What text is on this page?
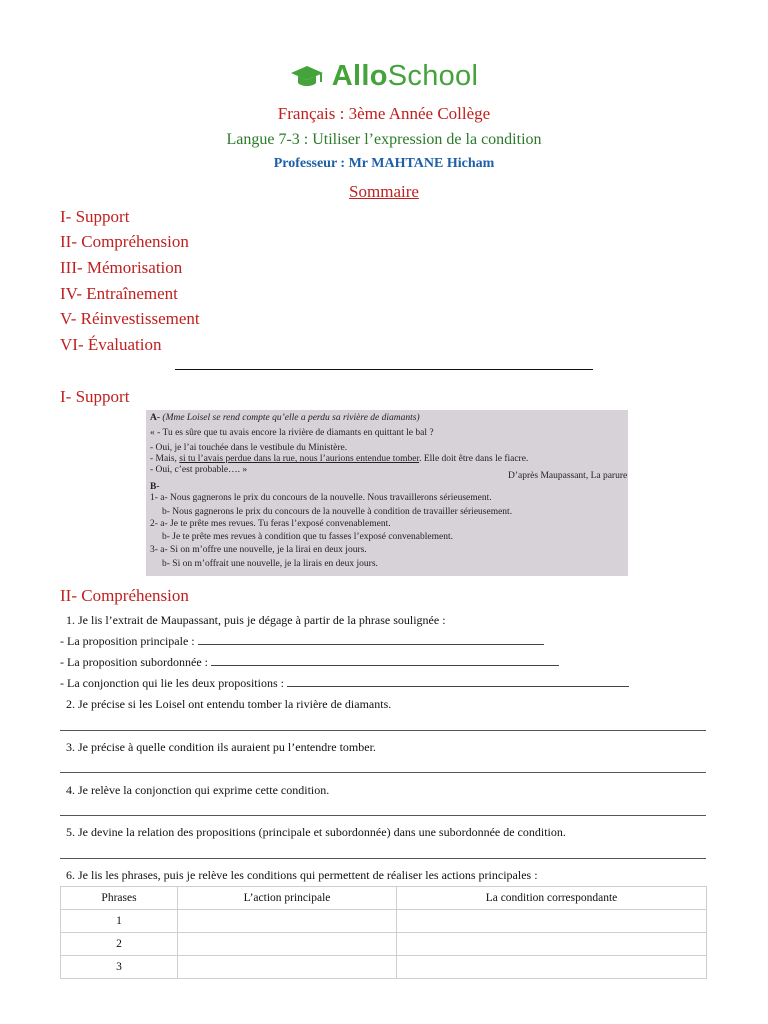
AlloSchool
Français : 3ème Année Collège
Langue 7-3 : Utiliser l’expression de la condition
Professeur : Mr MAHTANE Hicham
Sommaire
I- Support
II- Compréhension
III- Mémorisation
IV- Entraînement
V- Réinvestissement
VI- Évaluation
I- Support
A- (Mme Loisel se rend compte qu’elle a perdu sa rivière de diamants)
« - Tu es sûre que tu avais encore la rivière de diamants en quittant le bal ?
- Oui, je l’ai touchée dans le vestibule du Ministère.
- Mais, si tu l’avais perdue dans la rue, nous l’aurions entendue tomber. Elle doit être dans le fiacre.
- Oui, c’est probable…. »
D’après Maupassant, La parure
B-
1- a- Nous gagnerons le prix du concours de la nouvelle. Nous travaillerons sérieusement.
b- Nous gagnerons le prix du concours de la nouvelle à condition de travailler sérieusement.
2- a- Je te prête mes revues. Tu feras l’exposé convenablement.
b- Je te prête mes revues à condition que tu fasses l’exposé convenablement.
3- a- Si on m’offre une nouvelle, je la lirai en deux jours.
b- Si on m’offrait une nouvelle, je la lirais en deux jours.
II- Compréhension
1. Je lis l’extrait de Maupassant, puis je dégage à partir de la phrase soulignée :
- La proposition principale :
- La proposition subordonnée :
- La conjonction qui lie les deux propositions :
2. Je précise si les Loisel ont entendu tomber la rivière de diamants.
3. Je précise à quelle condition ils auraient pu l’entendre tomber.
4. Je relève la conjonction qui exprime cette condition.
5. Je devine la relation des propositions (principale et subordonnée) dans une subordonnée de condition.
6. Je lis les phrases, puis je relève les conditions qui permettent de réaliser les actions principales :
Phrases	L’action principale	La condition correspondante
1		
2		
3		
